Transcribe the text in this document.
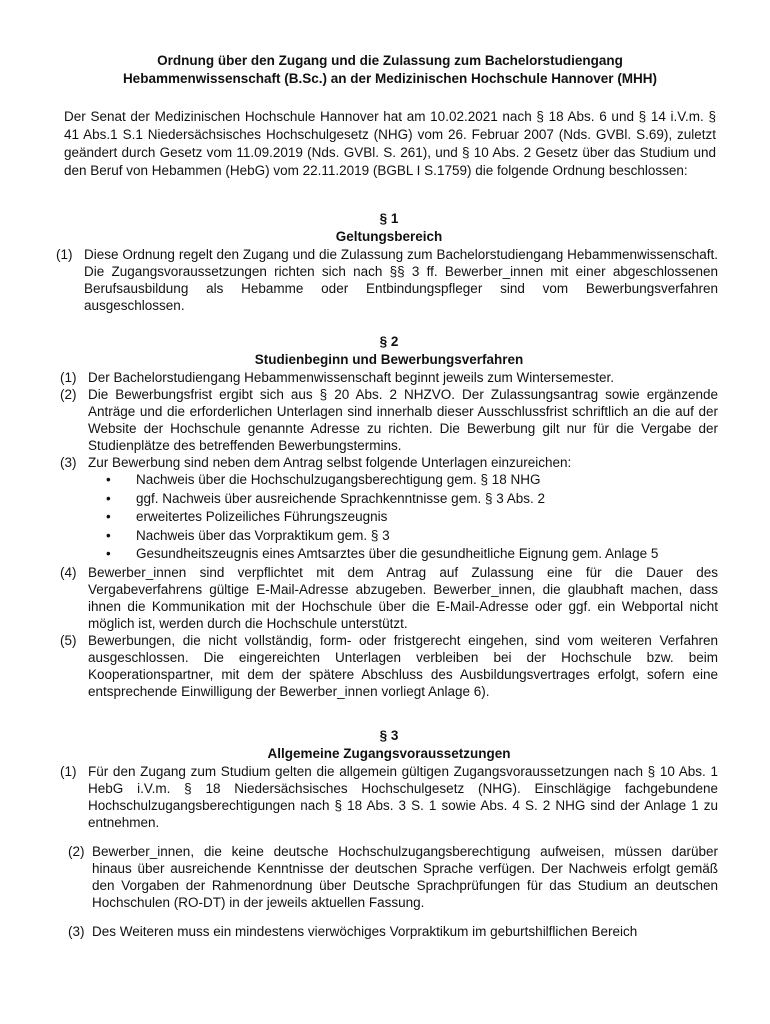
Ordnung über den Zugang und die Zulassung zum Bachelorstudiengang
Hebammenwissenschaft (B.Sc.) an der Medizinischen Hochschule Hannover (MHH)
Der Senat der Medizinischen Hochschule Hannover hat am 10.02.2021 nach § 18 Abs. 6 und § 14 i.V.m. § 41 Abs.1 S.1 Niedersächsisches Hochschulgesetz (NHG) vom 26. Februar 2007 (Nds. GVBl. S.69), zuletzt geändert durch Gesetz vom 11.09.2019 (Nds. GVBl. S. 261), und § 10 Abs. 2 Gesetz über das Studium und den Beruf von Hebammen (HebG) vom 22.11.2019 (BGBL I S.1759) die folgende Ordnung beschlossen:
§ 1
Geltungsbereich
(1) Diese Ordnung regelt den Zugang und die Zulassung zum Bachelorstudiengang Hebammenwissenschaft. Die Zugangsvoraussetzungen richten sich nach §§ 3 ff. Bewerber_innen mit einer abgeschlossenen Berufsausbildung als Hebamme oder Entbindungspfleger sind vom Bewerbungsverfahren ausgeschlossen.
§ 2
Studienbeginn und Bewerbungsverfahren
(1) Der Bachelorstudiengang Hebammenwissenschaft beginnt jeweils zum Wintersemester.
(2) Die Bewerbungsfrist ergibt sich aus § 20 Abs. 2 NHZVO. Der Zulassungsantrag sowie ergänzende Anträge und die erforderlichen Unterlagen sind innerhalb dieser Ausschlussfrist schriftlich an die auf der Website der Hochschule genannte Adresse zu richten. Die Bewerbung gilt nur für die Vergabe der Studienplätze des betreffenden Bewerbungstermins.
(3) Zur Bewerbung sind neben dem Antrag selbst folgende Unterlagen einzureichen:
• Nachweis über die Hochschulzugangsberechtigung gem. § 18 NHG
• ggf. Nachweis über ausreichende Sprachkenntnisse gem. § 3 Abs. 2
• erweitertes Polizeiliches Führungszeugnis
• Nachweis über das Vorpraktikum gem. § 3
• Gesundheitszeugnis eines Amtsarztes über die gesundheitliche Eignung gem. Anlage 5
(4) Bewerber_innen sind verpflichtet mit dem Antrag auf Zulassung eine für die Dauer des Vergabeverfahrens gültige E-Mail-Adresse abzugeben. Bewerber_innen, die glaubhaft machen, dass ihnen die Kommunikation mit der Hochschule über die E-Mail-Adresse oder ggf. ein Webportal nicht möglich ist, werden durch die Hochschule unterstützt.
(5) Bewerbungen, die nicht vollständig, form- oder fristgerecht eingehen, sind vom weiteren Verfahren ausgeschlossen. Die eingereichten Unterlagen verbleiben bei der Hochschule bzw. beim Kooperationspartner, mit dem der spätere Abschluss des Ausbildungsvertrages erfolgt, sofern eine entsprechende Einwilligung der Bewerber_innen vorliegt Anlage 6).
§ 3
Allgemeine Zugangsvoraussetzungen
(1) Für den Zugang zum Studium gelten die allgemein gültigen Zugangsvoraussetzungen nach § 10 Abs. 1 HebG i.V.m. § 18 Niedersächsisches Hochschulgesetz (NHG). Einschlägige fachgebundene Hochschulzugangsberechtigungen nach § 18 Abs. 3 S. 1 sowie Abs. 4 S. 2 NHG sind der Anlage 1 zu entnehmen.
(2) Bewerber_innen, die keine deutsche Hochschulzugangsberechtigung aufweisen, müssen darüber hinaus über ausreichende Kenntnisse der deutschen Sprache verfügen. Der Nachweis erfolgt gemäß den Vorgaben der Rahmenordnung über Deutsche Sprachprüfungen für das Studium an deutschen Hochschulen (RO-DT) in der jeweils aktuellen Fassung.
(3) Des Weiteren muss ein mindestens vierwöchiges Vorpraktikum im geburtshilflichen Bereich
